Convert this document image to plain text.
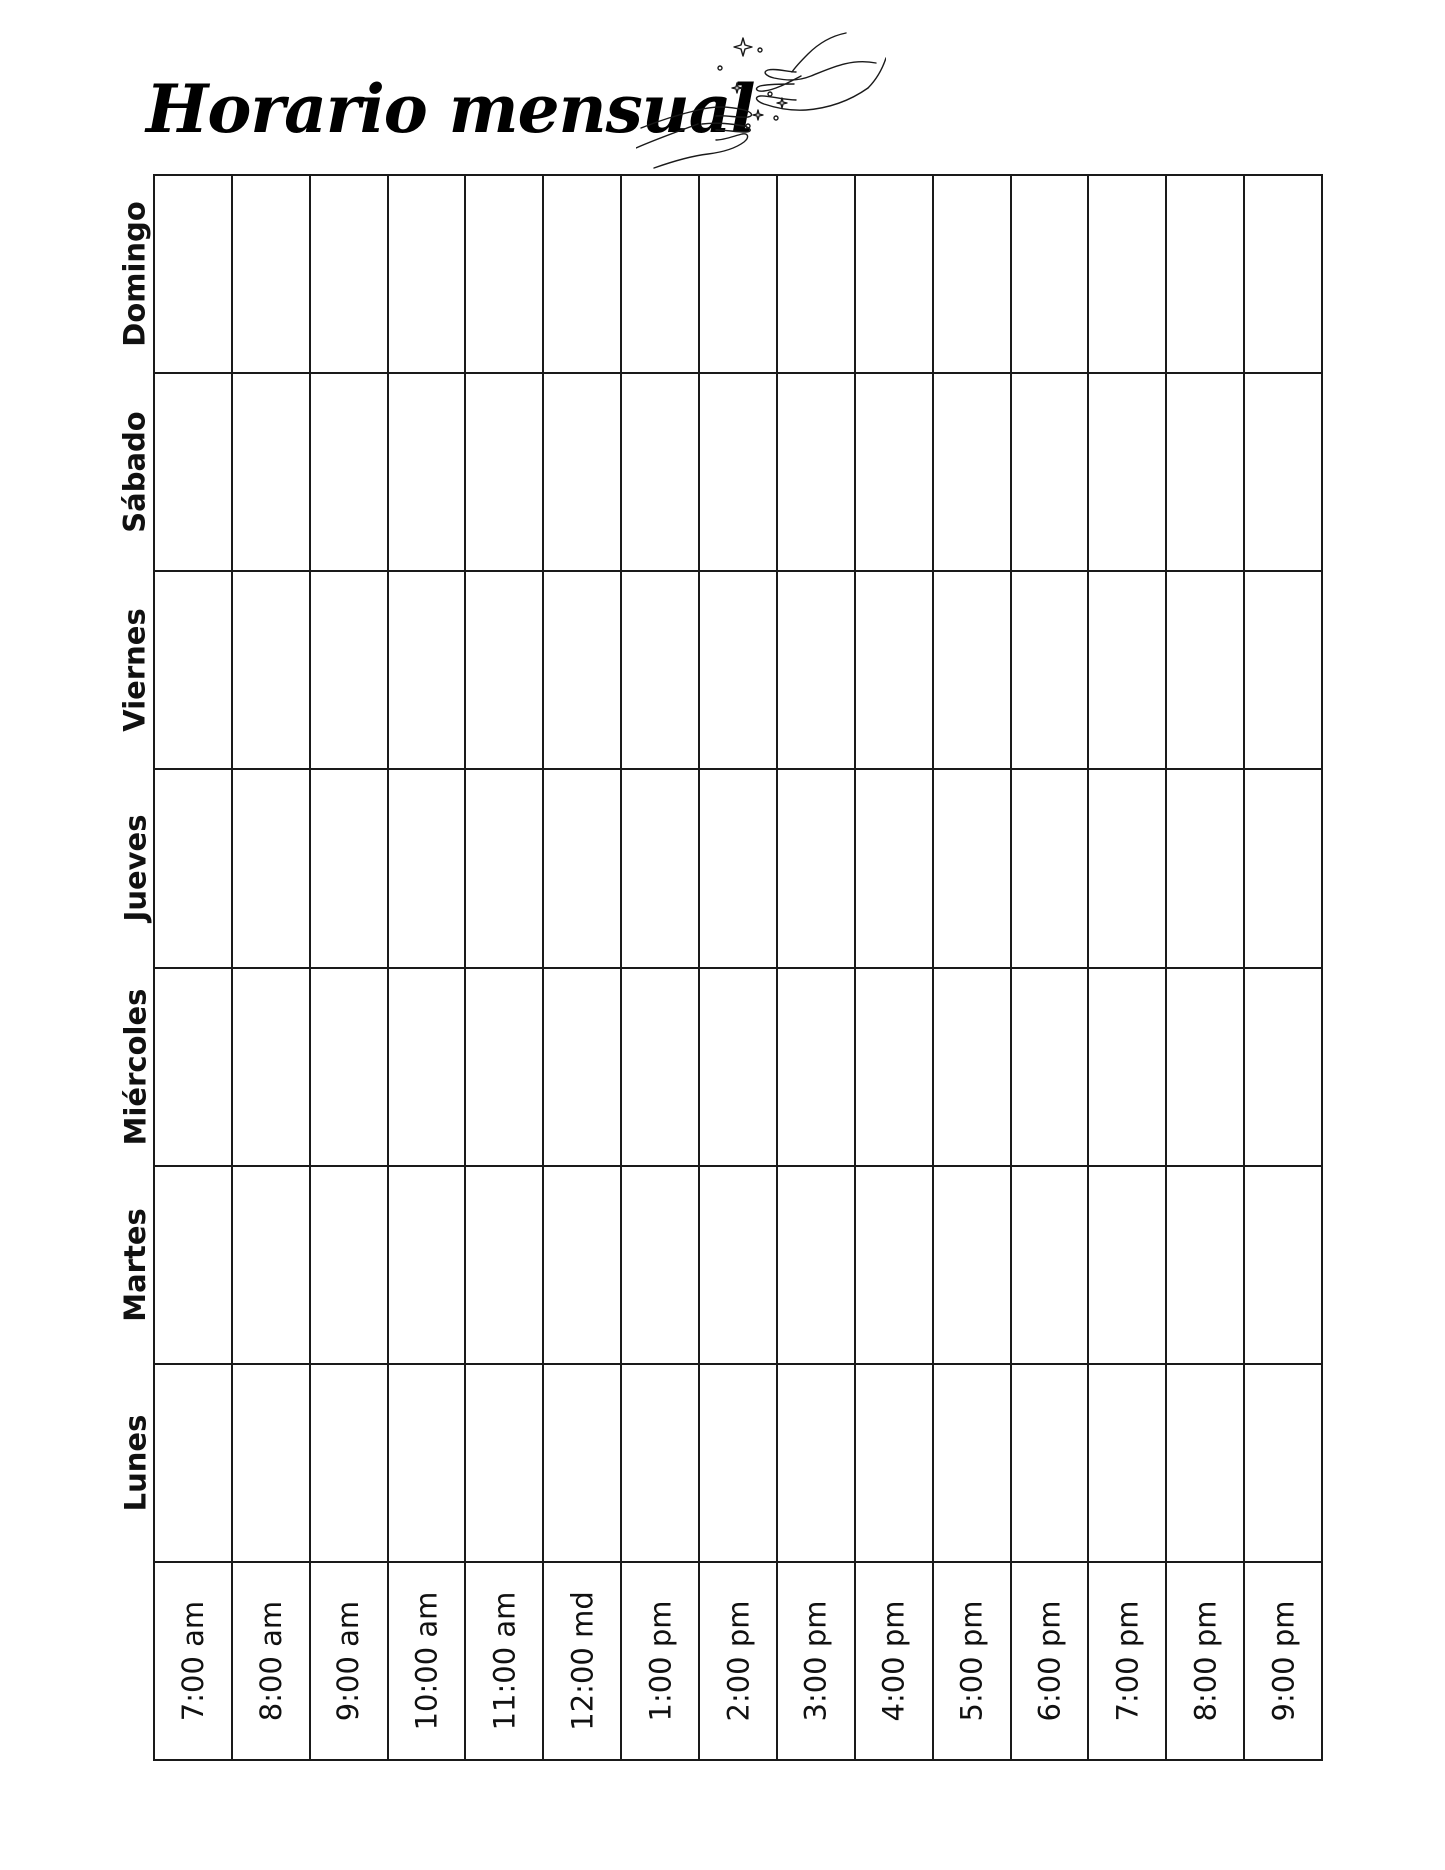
Horario mensual
Domingo
Sábado
Viernes
Jueves
Miércoles
Martes
Lunes
7:00 am 8:00 am 9:00 am 10:00 am 11:00 am 12:00 md 1:00 pm 2:00 pm 3:00 pm 4:00 pm 5:00 pm 6:00 pm 7:00 pm 8:00 pm 9:00 pm
